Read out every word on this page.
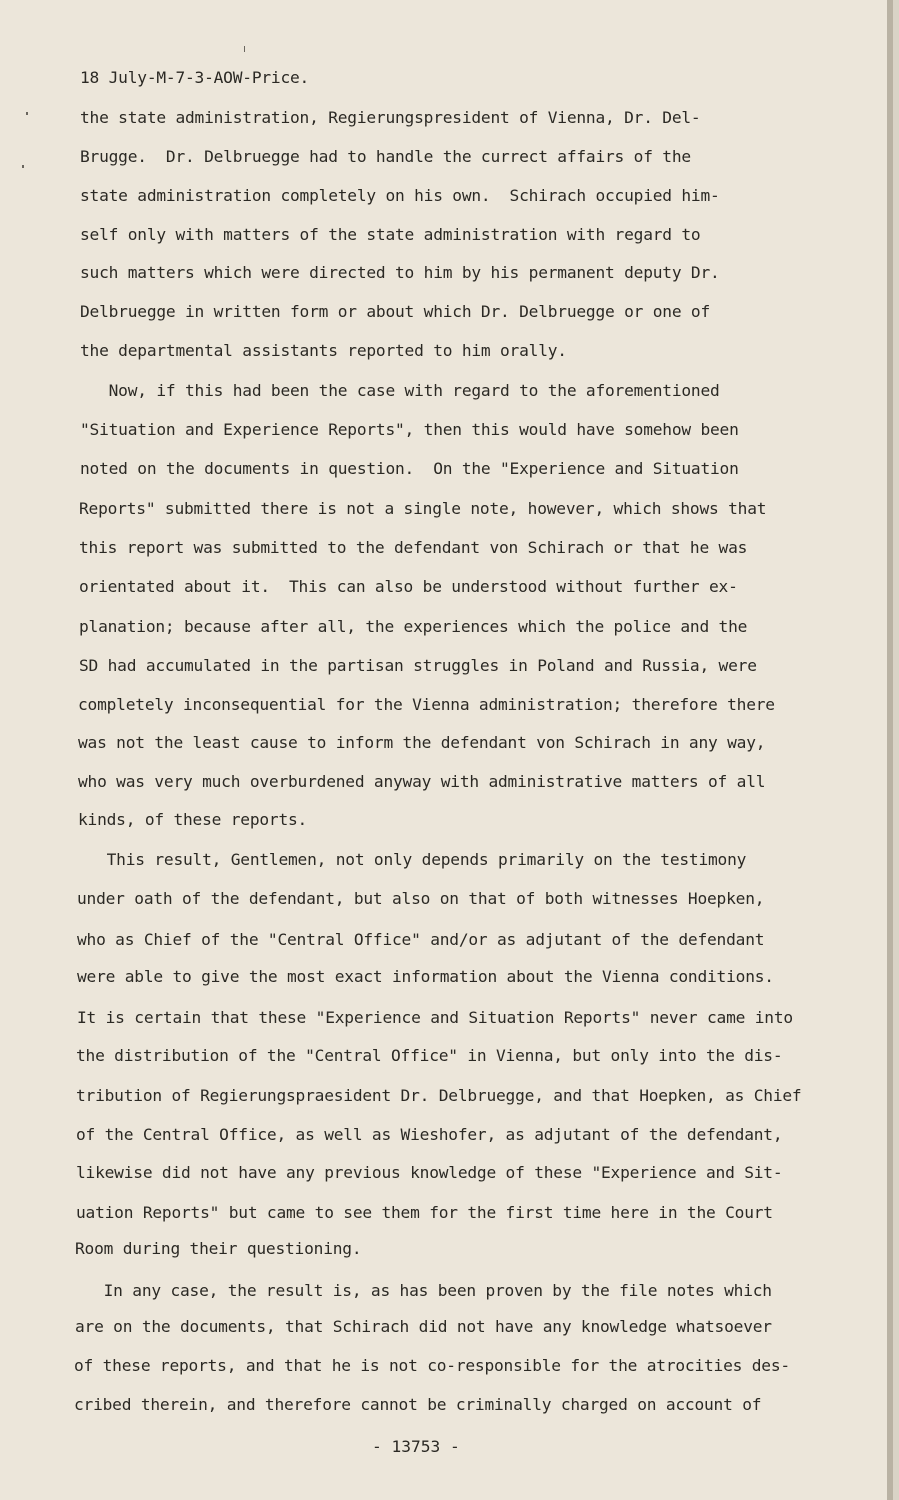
18 July-M-7-3-AOW-Price.
the state administration, Regierungspresident of Vienna, Dr. Del-
Brugge.  Dr. Delbruegge had to handle the currect affairs of the
state administration completely on his own.  Schirach occupied him-
self only with matters of the state administration with regard to
such matters which were directed to him by his permanent deputy Dr.
Delbruegge in written form or about which Dr. Delbruegge or one of
the departmental assistants reported to him orally.
Now, if this had been the case with regard to the aforementioned
"Situation and Experience Reports", then this would have somehow been
noted on the documents in question.  On the "Experience and Situation
Reports" submitted there is not a single note, however, which shows that
this report was submitted to the defendant von Schirach or that he was
orientated about it.  This can also be understood without further ex-
planation; because after all, the experiences which the police and the
SD had accumulated in the partisan struggles in Poland and Russia, were
completely inconsequential for the Vienna administration; therefore there
was not the least cause to inform the defendant von Schirach in any way,
who was very much overburdened anyway with administrative matters of all
kinds, of these reports.
This result, Gentlemen, not only depends primarily on the testimony
under oath of the defendant, but also on that of both witnesses Hoepken,
who as Chief of the "Central Office" and/or as adjutant of the defendant
were able to give the most exact information about the Vienna conditions.
It is certain that these "Experience and Situation Reports" never came into
the distribution of the "Central Office" in Vienna, but only into the dis-
tribution of Regierungspraesident Dr. Delbruegge, and that Hoepken, as Chief
of the Central Office, as well as Wieshofer, as adjutant of the defendant,
likewise did not have any previous knowledge of these "Experience and Sit-
uation Reports" but came to see them for the first time here in the Court
Room during their questioning.
In any case, the result is, as has been proven by the file notes which
are on the documents, that Schirach did not have any knowledge whatsoever
of these reports, and that he is not co-responsible for the atrocities des-
cribed therein, and therefore cannot be criminally charged on account of
- 13753 -
